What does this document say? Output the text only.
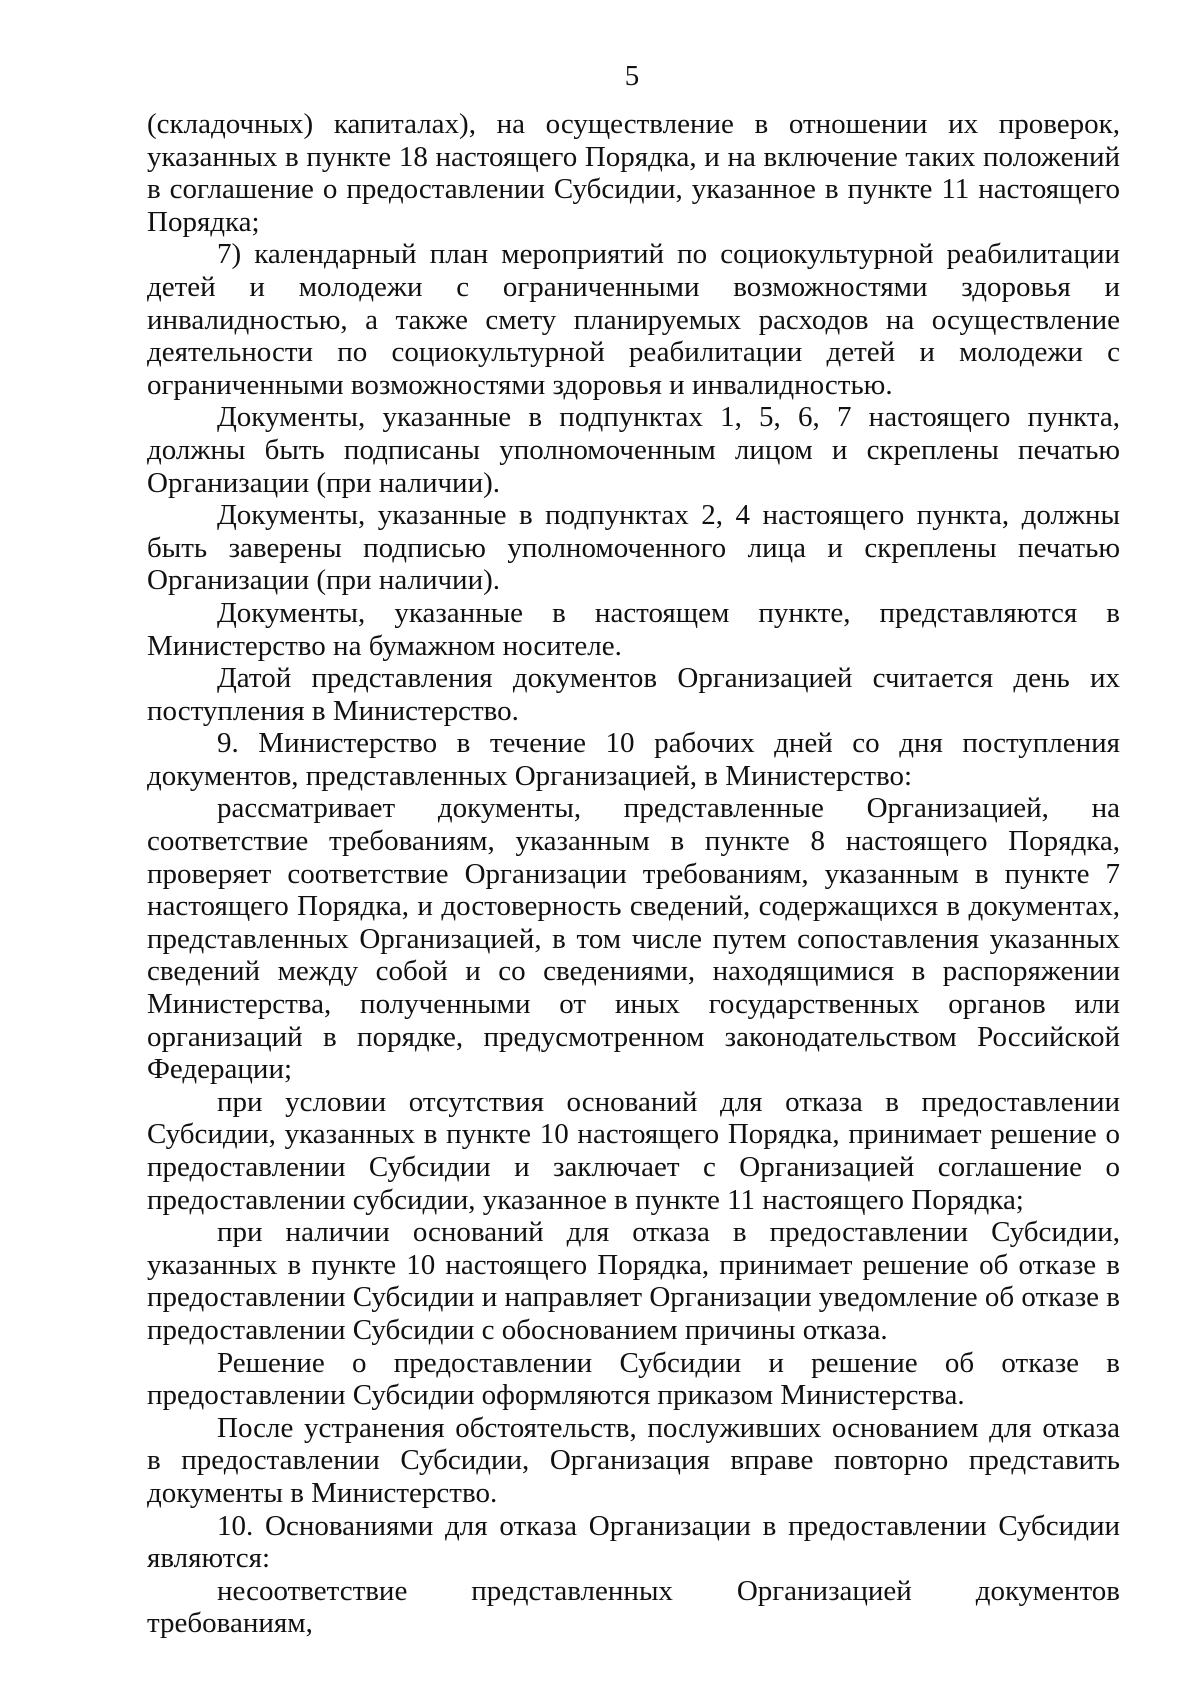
5

(складочных) капиталах), на осуществление в отношении их проверок, указанных в пункте 18 настоящего Порядка, и на включение таких положений в соглашение о предоставлении Субсидии, указанное в пункте 11 настоящего Порядка;

7) календарный план мероприятий по социокультурной реабилитации детей и молодежи с ограниченными возможностями здоровья и инвалидностью, а также смету планируемых расходов на осуществление деятельности по социокультурной реабилитации детей и молодежи с ограниченными возможностями здоровья и инвалидностью.

Документы, указанные в подпунктах 1, 5, 6, 7 настоящего пункта, должны быть подписаны уполномоченным лицом и скреплены печатью Организации (при наличии).

Документы, указанные в подпунктах 2, 4 настоящего пункта, должны быть заверены подписью уполномоченного лица и скреплены печатью Организации (при наличии).

Документы, указанные в настоящем пункте, представляются в Министерство на бумажном носителе.

Датой представления документов Организацией считается день их поступления в Министерство.

9. Министерство в течение 10 рабочих дней со дня поступления документов, представленных Организацией, в Министерство:

рассматривает документы, представленные Организацией, на соответствие требованиям, указанным в пункте 8 настоящего Порядка, проверяет соответствие Организации требованиям, указанным в пункте 7 настоящего Порядка, и достоверность сведений, содержащихся в документах, представленных Организацией, в том числе путем сопоставления указанных сведений между собой и со сведениями, находящимися в распоряжении Министерства, полученными от иных государственных органов или организаций в порядке, предусмотренном законодательством Российской Федерации;

при условии отсутствия оснований для отказа в предоставлении Субсидии, указанных в пункте 10 настоящего Порядка, принимает решение о предоставлении Субсидии и заключает с Организацией соглашение о предоставлении субсидии, указанное в пункте 11 настоящего Порядка;

при наличии оснований для отказа в предоставлении Субсидии, указанных в пункте 10 настоящего Порядка, принимает решение об отказе в предоставлении Субсидии и направляет Организации уведомление об отказе в предоставлении Субсидии с обоснованием причины отказа.

Решение о предоставлении Субсидии и решение об отказе в предоставлении Субсидии оформляются приказом Министерства.

После устранения обстоятельств, послуживших основанием для отказа в предоставлении Субсидии, Организация вправе повторно представить документы в Министерство.

10. Основаниями для отказа Организации в предоставлении Субсидии являются:

несоответствие представленных Организацией документов требованиям,
